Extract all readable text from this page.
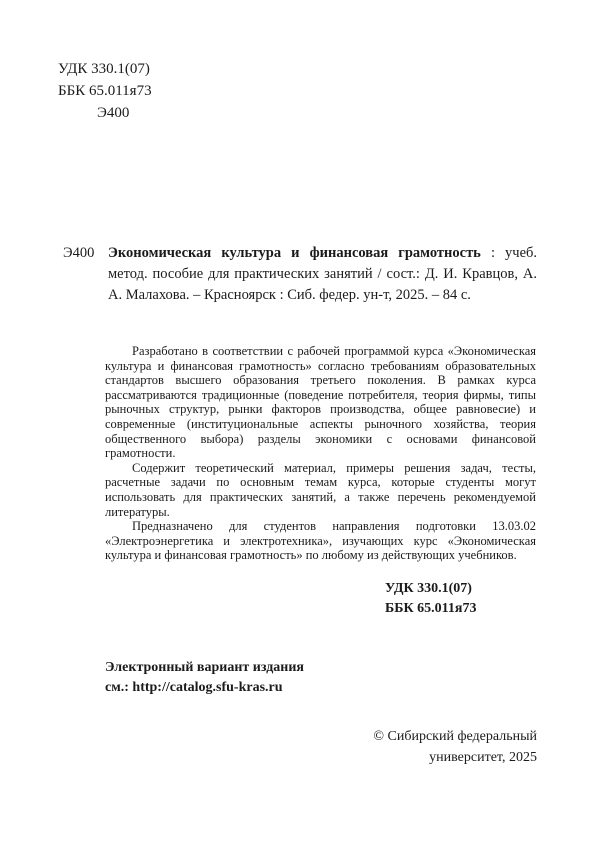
УДК 330.1(07)
ББК 65.011я73
Э400
Э400 Экономическая культура и финансовая грамотность : учеб. метод. пособие для практических занятий / сост.: Д. И. Кравцов, А. А. Малахова. – Красноярск : Сиб. федер. ун-т, 2025. – 84 с.

Разработано в соответствии с рабочей программой курса «Экономическая культура и финансовая грамотность» согласно требованиям образовательных стандартов высшего образования третьего поколения. В рамках курса рассматриваются традиционные (поведение потребителя, теория фирмы, типы рыночных структур, рынки факторов производства, общее равновесие) и современные (институциональные аспекты рыночного хозяйства, теория общественного выбора) разделы экономики с основами финансовой грамотности.

Содержит теоретический материал, примеры решения задач, тесты, расчетные задачи по основным темам курса, которые студенты могут использовать для практических занятий, а также перечень рекомендуемой литературы.

Предназначено для студентов направления подготовки 13.03.02 «Электроэнергетика и электротехника», изучающих курс «Экономическая культура и финансовая грамотность» по любому из действующих учебников.

УДК 330.1(07)
ББК 65.011я73
Электронный вариант издания
см.: http://catalog.sfu-kras.ru
© Сибирский федеральный
университет, 2025
